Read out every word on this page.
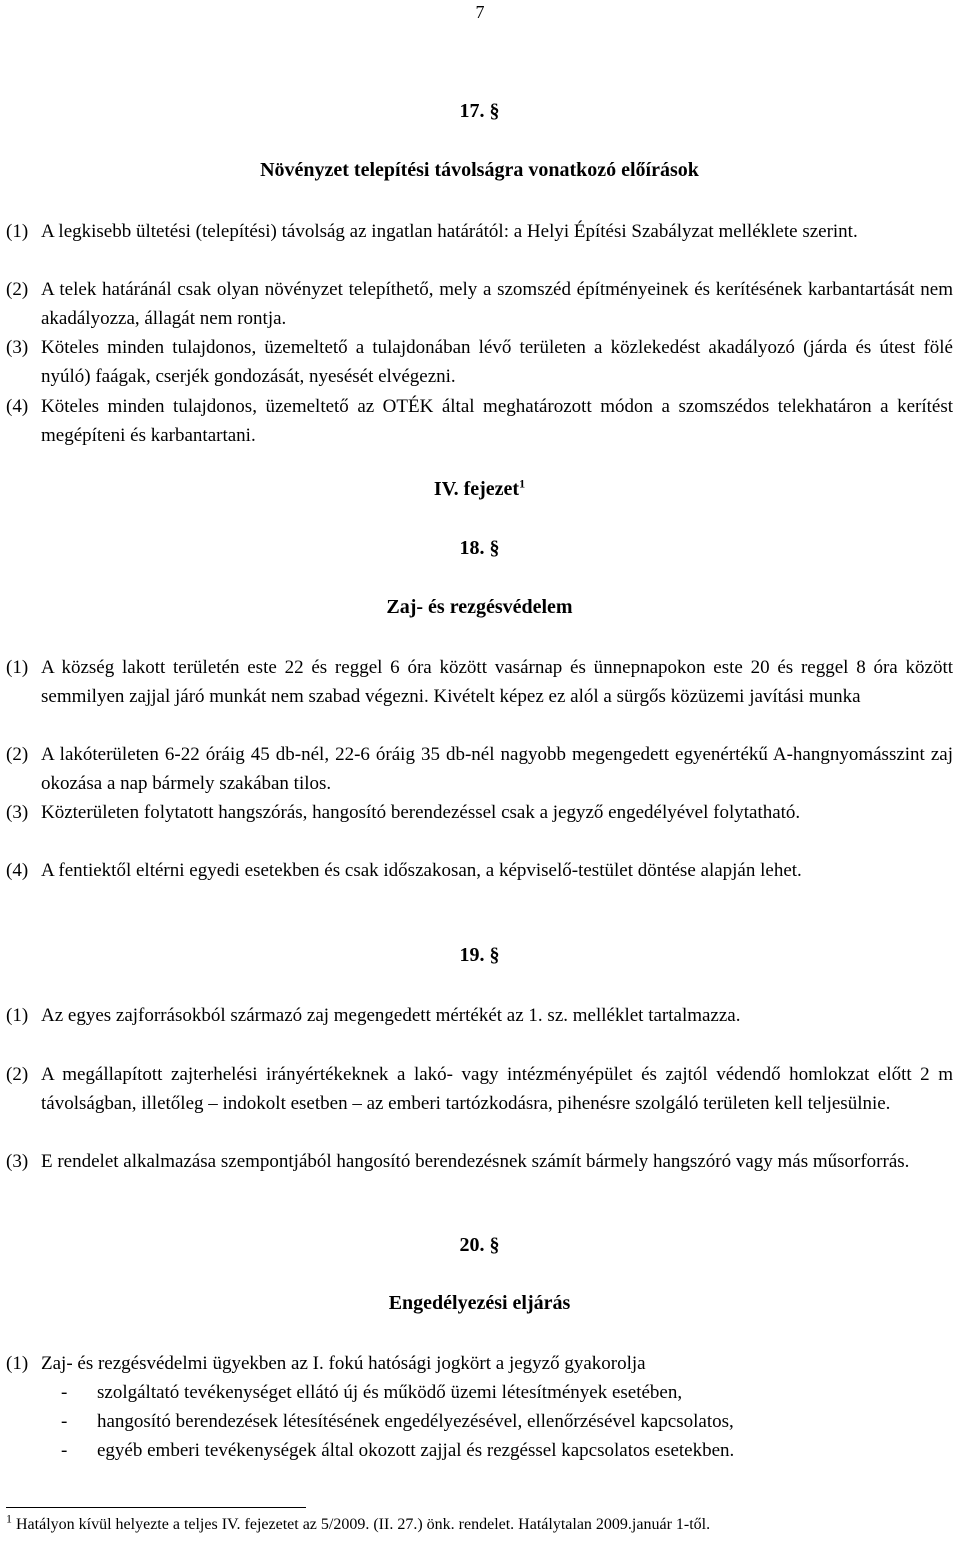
7
17. §
Növényzet telepítési távolságra vonatkozó előírások
(1) A legkisebb ültetési (telepítési) távolság az ingatlan határától: a Helyi Építési Szabályzat melléklete szerint.
(2) A telek határánál csak olyan növényzet telepíthető, mely a szomszéd építményeinek és kerítésének karbantartását nem akadályozza, állagát nem rontja.
(3) Köteles minden tulajdonos, üzemeltető a tulajdonában lévő területen a közlekedést akadályozó (járda és útest fölé nyúló) faágak, cserjék gondozását, nyesését elvégezni.
(4) Köteles minden tulajdonos, üzemeltető az OTÉK által meghatározott módon a szomszédos telekhatáron a kerítést megépíteni és karbantartani.
IV. fejezet$^1$
18. §
Zaj- és rezgésvédelem
(1) A község lakott területén este 22 és reggel 6 óra között vasárnap és ünnepnapokon este 20 és reggel 8 óra között semmilyen zajjal járó munkát nem szabad végezni. Kivételt képez ez alól a sürgős közüzemi javítási munka
(2) A lakóterületen 6-22 óráig 45 db-nél, 22-6 óráig 35 db-nél nagyobb megengedett egyenértékű A-hangnyomásszint zaj okozása a nap bármely szakában tilos.
(3) Közterületen folytatott hangszórás, hangosító berendezéssel csak a jegyző engedélyével folytatható.
(4) A fentiektől eltérni egyedi esetekben és csak időszakosan, a képviselő-testület döntése alapján lehet.
19. §
(1) Az egyes zajforrásokból származó zaj megengedett mértékét az 1. sz. melléklet tartalmazza.
(2) A megállapított zajterhelési irányértékeknek a lakó- vagy intézményépület és zajtól védendő homlokzat előtt 2 m távolságban, illetőleg – indokolt esetben – az emberi tartózkodásra, pihenésre szolgáló területen kell teljesülnie.
(3) E rendelet alkalmazása szempontjából hangosító berendezésnek számít bármely hangszóró vagy más műsorforrás.
20. §
Engedélyezési eljárás
(1) Zaj- és rezgésvédelmi ügyekben az I. fokú hatósági jogkört a jegyző gyakorolja
- szolgáltató tevékenységet ellátó új és működő üzemi létesítmények esetében,
- hangosító berendezések létesítésének engedélyezésével, ellenőrzésével kapcsolatos,
- egyéb emberi tevékenységek által okozott zajjal és rezgéssel kapcsolatos esetekben.
$^1$ Hatályon kívül helyezte a teljes IV. fejezetet az 5/2009. (II. 27.) önk. rendelet. Hatálytalan 2009.január 1-től.
